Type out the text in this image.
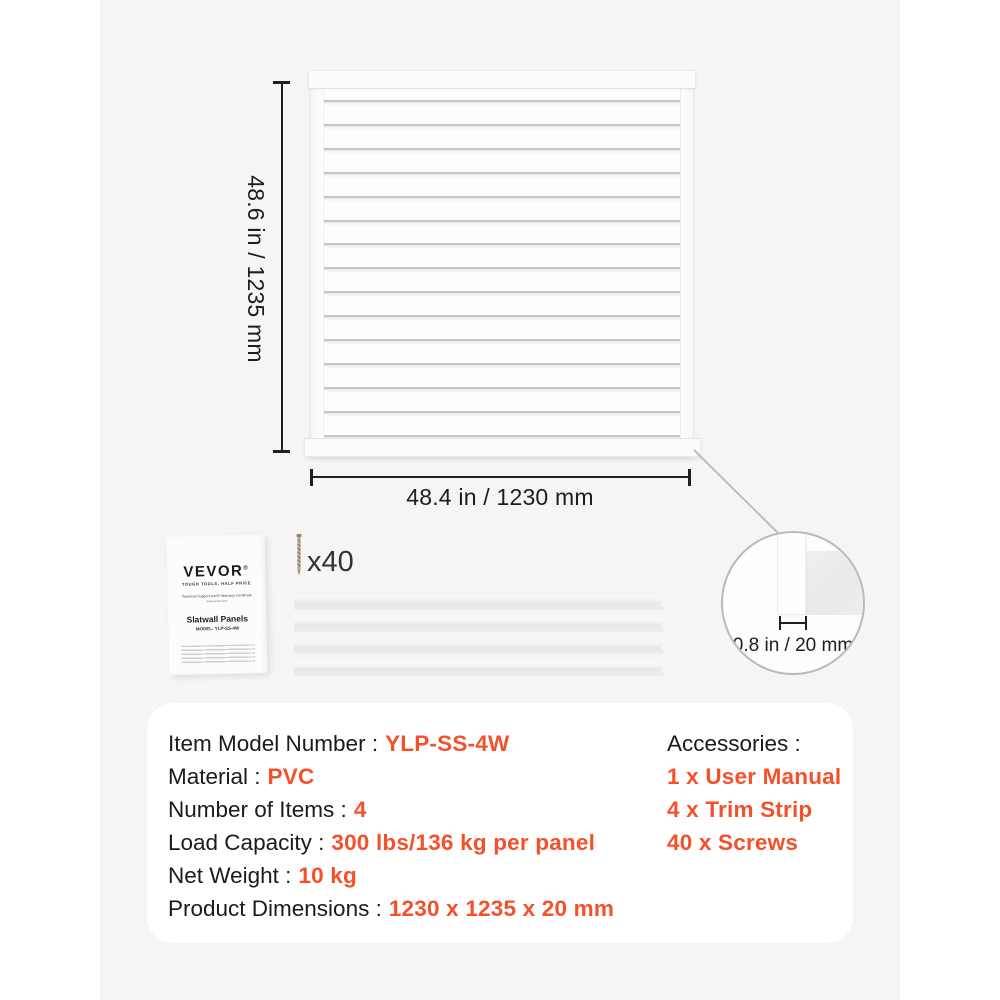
48.6 in / 1235 mm
48.4 in / 1230 mm
0.8 in / 20 mm
VEVOR®
TOUGH TOOLS, HALF PRICE
Technical Support and E-Warranty Certificate
www.vevor.com
Slatwall Panels
MODEL: YLP-SS-4W
x40
Item Model Number : YLP-SS-4W
Material : PVC
Number of Items : 4
Load Capacity : 300 lbs/136 kg per panel
Net Weight : 10 kg
Product Dimensions : 1230 x 1235 x 20 mm
Accessories :
1 x User Manual
4 x Trim Strip
40 x Screws
